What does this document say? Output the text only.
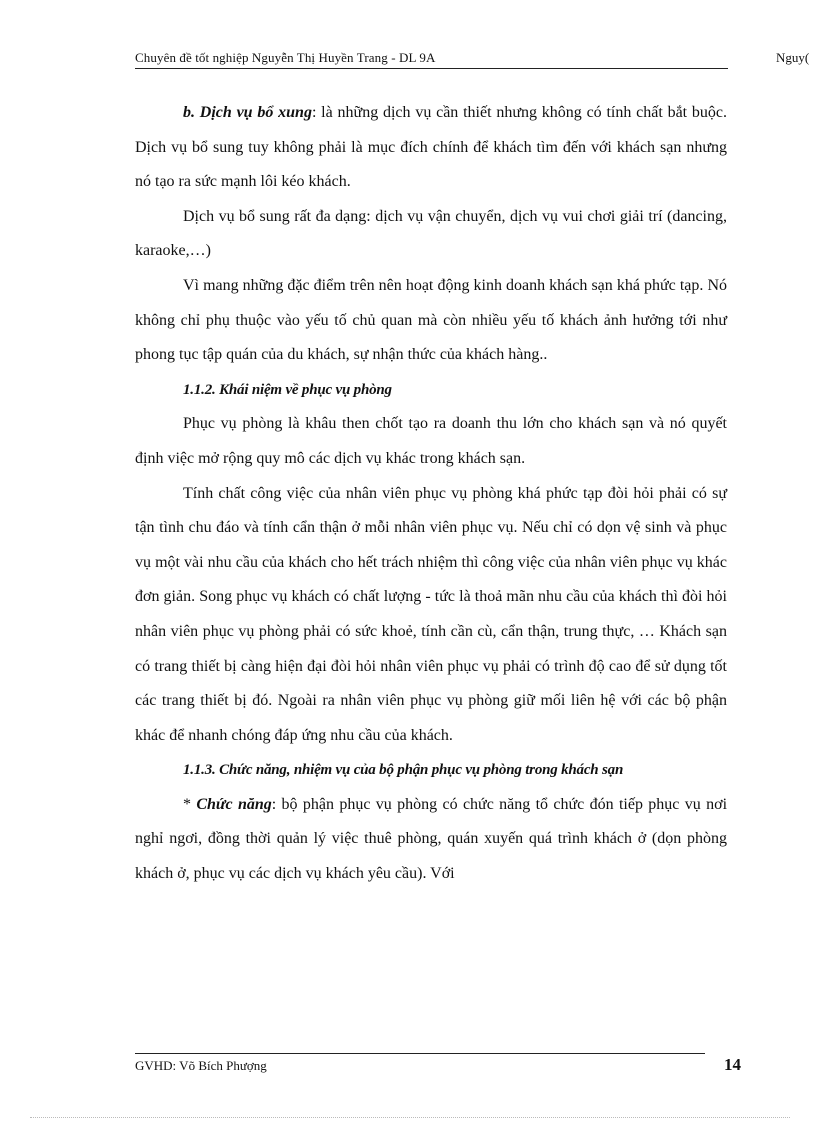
Chuyên đề tốt nghiệp Nguyễn Thị Huyền Trang - DL 9A	Nguy(

b. Dịch vụ bổ xung: là những dịch vụ cần thiết nhưng không có tính chất bắt buộc. Dịch vụ bổ sung tuy không phải là mục đích chính để khách tìm đến với khách sạn nhưng nó tạo ra sức mạnh lôi kéo khách.

Dịch vụ bổ sung rất đa dạng: dịch vụ vận chuyển, dịch vụ vui chơi giải trí (dancing, karaoke,…)

Vì mang những đặc điểm trên nên hoạt động kinh doanh khách sạn khá phức tạp. Nó không chỉ phụ thuộc vào yếu tố chủ quan mà còn nhiều yếu tố khách ảnh hưởng tới như phong tục tập quán của du khách, sự nhận thức của khách hàng..

1.1.2. Khái niệm về phục vụ phòng

Phục vụ phòng là khâu then chốt tạo ra doanh thu lớn cho khách sạn và nó quyết định việc mở rộng quy mô các dịch vụ khác trong khách sạn.

Tính chất công việc của nhân viên phục vụ phòng khá phức tạp đòi hỏi phải có sự tận tình chu đáo và tính cẩn thận ở mỗi nhân viên phục vụ. Nếu chỉ có dọn vệ sinh và phục vụ một vài nhu cầu của khách cho hết trách nhiệm thì công việc của nhân viên phục vụ khác đơn giản. Song phục vụ khách có chất lượng - tức là thoả mãn nhu cầu của khách thì đòi hỏi nhân viên phục vụ phòng phải có sức khoẻ, tính cần cù, cẩn thận, trung thực, … Khách sạn có trang thiết bị càng hiện đại đòi hỏi nhân viên phục vụ phải có trình độ cao để sử dụng tốt các trang thiết bị đó. Ngoài ra nhân viên phục vụ phòng giữ mối liên hệ với các bộ phận khác để nhanh chóng đáp ứng nhu cầu của khách.

1.1.3. Chức năng, nhiệm vụ của bộ phận phục vụ phòng trong khách sạn

* Chức năng: bộ phận phục vụ phòng có chức năng tổ chức đón tiếp phục vụ nơi nghỉ ngơi, đồng thời quản lý việc thuê phòng, quán xuyến quá trình khách ở (dọn phòng khách ở, phục vụ các dịch vụ khách yêu cầu). Với

GVHD: Võ Bích Phượng	14
